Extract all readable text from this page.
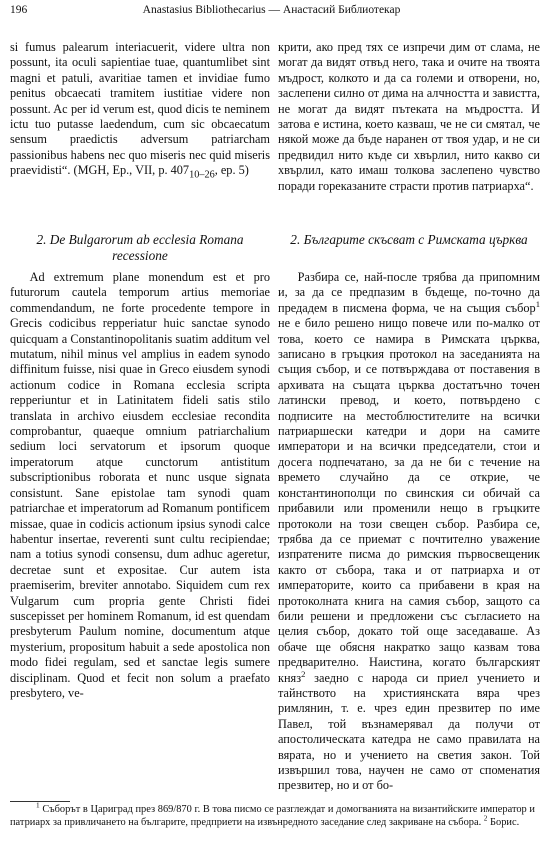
196	Anastasius Bibliothecarius — Анастасий Библиотекар

si fumus palearum interiacuerit, videre ultra non possunt, ita oculi sapientiae tuae, quantumlibet sint magni et patuli, avaritiae tamen et invidiae fumo penitus obcaecati tramitem iustitiae videre non possunt. Ac per id verum est, quod dicis te neminem ictu tuo putasse laedendum, cum sic obcaecatum sensum praedictis adversum patriarcham passionibus habens nec quo miseris nec quid miseris praevidisti“. (MGH, Ep., VII, p. $407_{10-26}$, ep. 5)

2. De Bulgarorum ab ecclesia Romana
recessione

Ad extremum plane monendum est et pro futurorum cautela temporum artius memoriae commendandum, ne forte procedente tempore in Grecis codicibus repperiatur huic sanctae synodo quicquam a Constantinopolitanis suatim additum vel mutatum, nihil minus vel amplius in eadem synodo diffinitum fuisse, nisi quae in Greco eiusdem synodi actionum codice in Romana ecclesia scripta repperiuntur et in Latinitatem fideli satis stilo translata in archivo eiusdem ecclesiae recondita comprobantur, quaeque omnium patriarchalium sedium loci servatorum et ipsorum quoque imperatorum atque cunctorum antistitum subscriptionibus roborata et nunc usque signata consistunt. Sane epistolae tam synodi quam patriarchae et imperatorum ad Romanum pontificem missae, quae in codicis actionum ipsius synodi calce habentur insertae, reverenti sunt cultu recipiendae; nam a totius synodi consensu, dum adhuc ageretur, decretae sunt et expositae. Cur autem ista praemiserim, breviter annotabo. Siquidem cum rex Vulgarum cum propria gente Christi fidei suscepisset per hominem Romanum, id est quendam presbyterum Paulum nomine, documentum atque mysterium, propositum habuit a sede apostolica non modo fidei regulam, sed et sanctae legis sumere disciplinam. Quod et fecit non solum a praefato presbytero, ve-

крити, ако пред тях се изпречи дим от слама, не могат да видят отвъд него, така и очите на твоята мъдрост, колкото и да са големи и отворени, но, заслепени силно от дима на алчността и завистта, не могат да видят пътеката на мъдростта. И затова е истина, което казваш, че не си смятал, че някой може да бъде наранен от твоя удар, и не си предвидил нито къде си хвърлил, нито какво си хвърлил, като имаш толкова заслепено чувство поради гореказаните страсти против патриарха“.

2. Българите скъсват с Римската църква

Разбира се, най-после трябва да припомним и, за да се предпазим в бъдеще, по-точно да предадем в писмена форма, че на същия събор$^1$ не е било решено нищо повече или по-малко от това, което се намира в Римската църква, записано в гръцкия протокол на заседанията на същия събор, и се потвърждава от поставения в архивата на същата църква достатъчно точен латински превод, и което, потвърдено с подписите на местоблюстителите на всички патриаршески катедри и дори на самите императори и на всички председатели, стои и досега подпечатано, за да не би с течение на времето случайно да се открие, че константинополци по свинския си обичай са прибавили или променили нещо в гръцките протоколи на този свещен събор. Разбира се, трябва да се приемат с почтително уважение изпратените писма до римския първосвещеник както от събора, така и от патриарха и от императорите, които са прибавени в края на протоколната книга на самия събор, защото са били решени и предложени със съгласието на целия събор, докато той още заседаваше. Аз обаче ще обясня накратко защо казвам това предварително. Наистина, когато българският княз$^2$ заедно с народа си приел учението и тайнството на християнската вяра чрез римлянин, т. е. чрез един презвитер по име Павел, той възнамерявал да получи от апостолическата катедра не само правилата на вярата, но и учението на светия закон. Той извършил това, научен не само от споменатия презвитер, но и от бо-

$^1$ Съборът в Цариград през 869/870 г. В това писмо се разглеждат и домогванията на византийските император и патриарх за привличането на българите, предприети на извънредното заседание след закриване на събора. $^2$ Борис.
